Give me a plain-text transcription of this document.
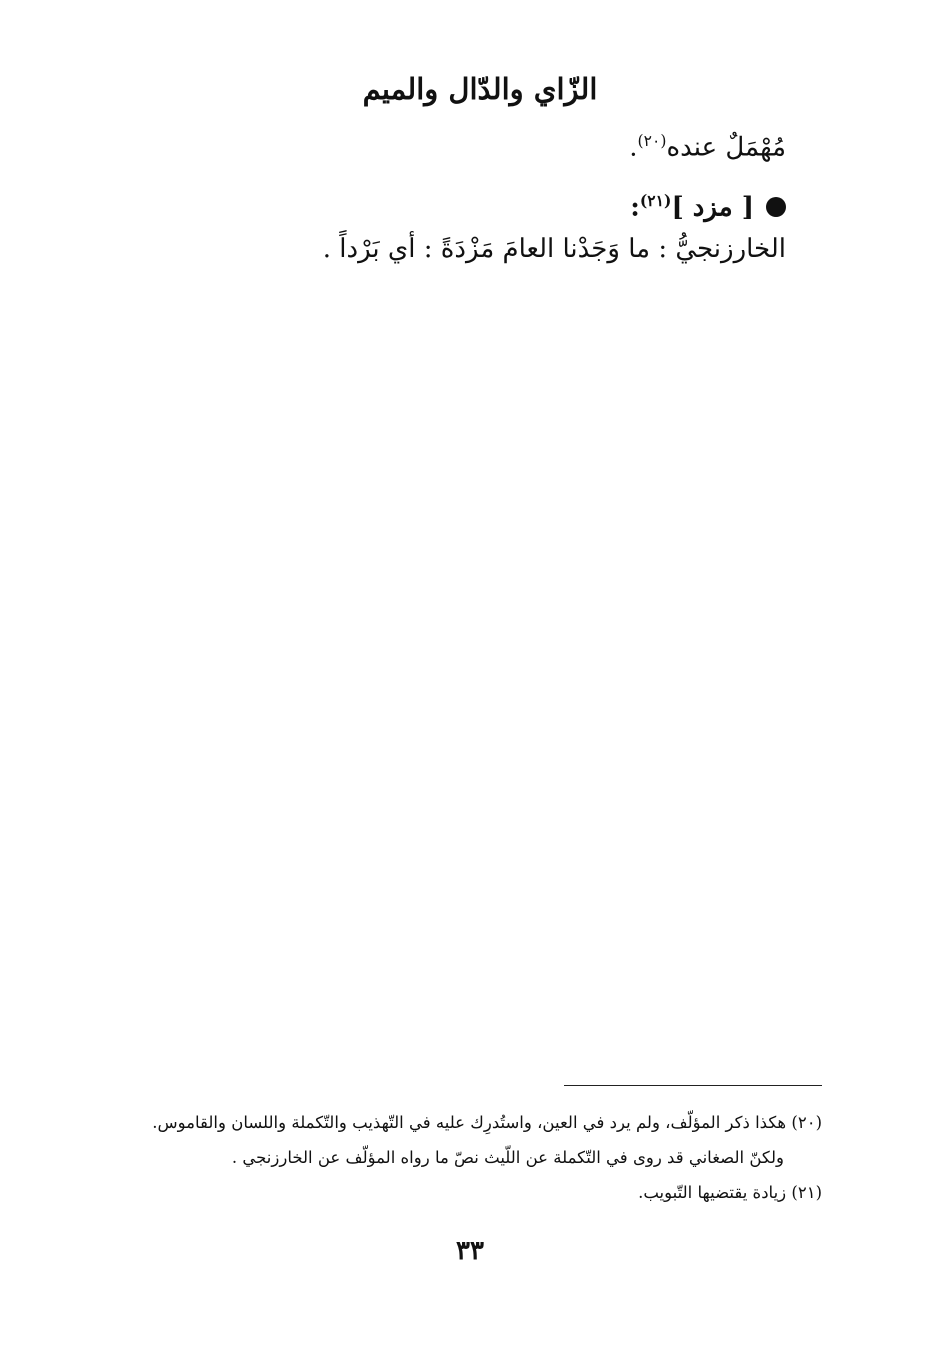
الزّاي والدّال والميم
مُهْمَلٌ عنده$^{(٢٠)}$.
[ مزد ]$^{(٢١)}$:
الخارزنجيُّ : ما وَجَدْنا العامَ مَزْدَةً : أي بَرْداً .
(٢٠) هكذا ذكر المؤلّف، ولم يرد في العين، واستُدرِك عليه في التّهذيب والتّكملة واللسان والقاموس.
ولكنّ الصغاني قد روى في التّكملة عن اللّيث نصّ ما رواه المؤلّف عن الخارزنجي .
(٢١) زيادة يقتضيها التّبويب.
٣٣
